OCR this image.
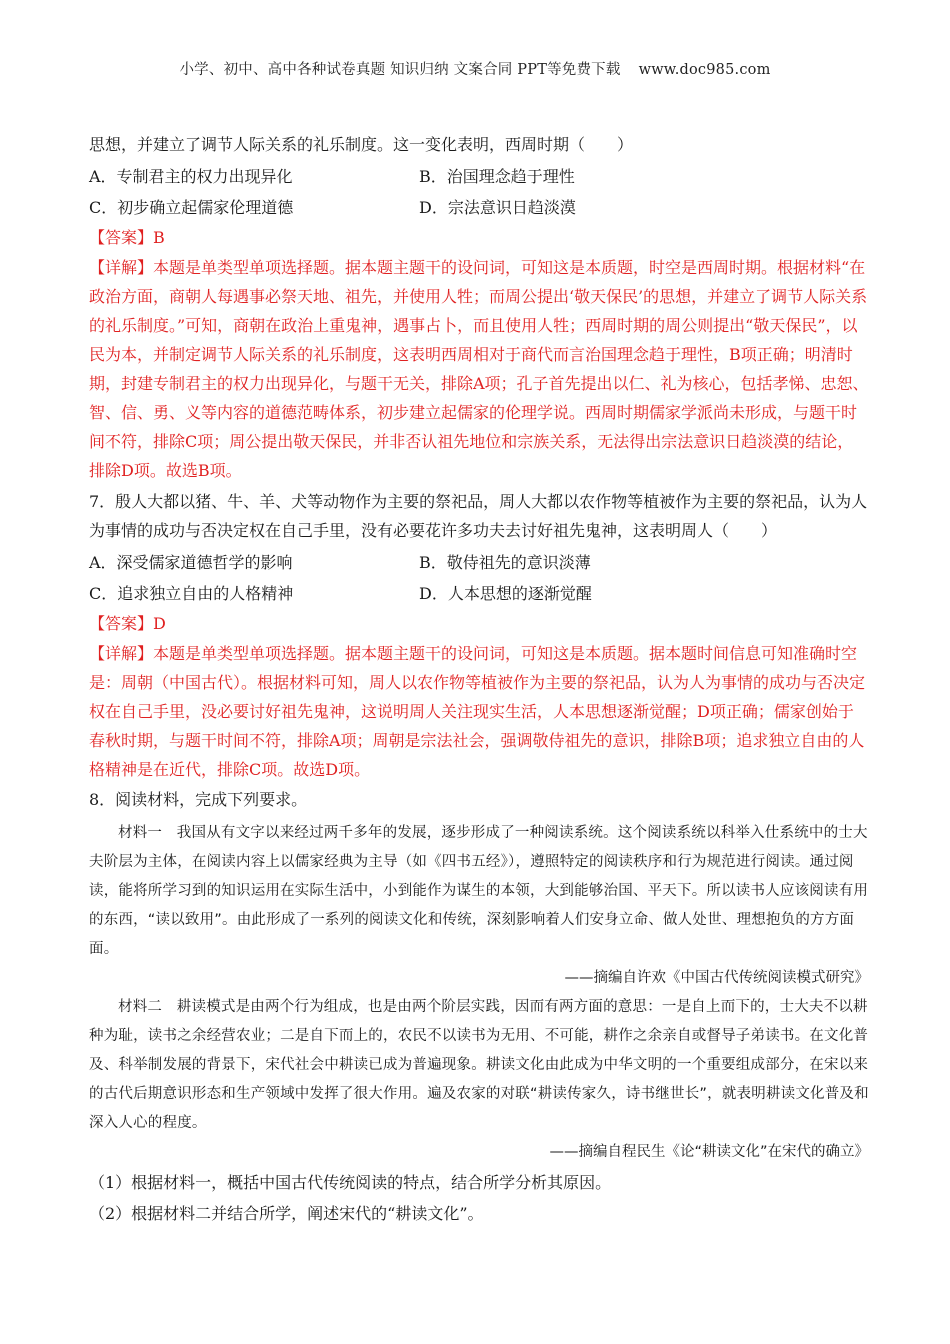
小学、初中、高中各种试卷真题 知识归纳 文案合同 PPT等免费下载 www.doc985.com

思想，并建立了调节人际关系的礼乐制度。这一变化表明，西周时期（　　）

A．专制君主的权力出现异化	B．治国理念趋于理性
C．初步确立起儒家伦理道德	D．宗法意识日趋淡漠
【答案】B

【详解】本题是单类型单项选择题。据本题主题干的设问词，可知这是本质题，时空是西周时期。根据材料“在政治方面，商朝人每遇事必祭天地、祖先，并使用人牲；而周公提出‘敬天保民’的思想，并建立了调节人际关系的礼乐制度。”可知，商朝在政治上重鬼神，遇事占卜，而且使用人牲；西周时期的周公则提出“敬天保民”，以民为本，并制定调节人际关系的礼乐制度，这表明西周相对于商代而言治国理念趋于理性，B项正确；明清时期，封建专制君主的权力出现异化，与题干无关，排除A项；孔子首先提出以仁、礼为核心，包括孝悌、忠恕、智、信、勇、义等内容的道德范畴体系，初步建立起儒家的伦理学说。西周时期儒家学派尚未形成，与题干时间不符，排除C项；周公提出敬天保民，并非否认祖先地位和宗族关系，无法得出宗法意识日趋淡漠的结论，排除D项。故选B项。

7．殷人大都以猪、牛、羊、犬等动物作为主要的祭祀品，周人大都以农作物等植被作为主要的祭祀品，认为人为事情的成功与否决定权在自己手里，没有必要花许多功夫去讨好祖先鬼神，这表明周人（　　）

A．深受儒家道德哲学的影响	B．敬侍祖先的意识淡薄
C．追求独立自由的人格精神	D．人本思想的逐渐觉醒
【答案】D

【详解】本题是单类型单项选择题。据本题主题干的设问词，可知这是本质题。据本题时间信息可知准确时空是：周朝（中国古代）。根据材料可知，周人以农作物等植被作为主要的祭祀品，认为人为事情的成功与否决定权在自己手里，没必要讨好祖先鬼神，这说明周人关注现实生活，人本思想逐渐觉醒；D项正确；儒家创始于春秋时期，与题干时间不符，排除A项；周朝是宗法社会，强调敬侍祖先的意识，排除B项；追求独立自由的人格精神是在近代，排除C项。故选D项。

8．阅读材料，完成下列要求。

材料一　我国从有文字以来经过两千多年的发展，逐步形成了一种阅读系统。这个阅读系统以科举入仕系统中的士大夫阶层为主体，在阅读内容上以儒家经典为主导（如《四书五经》），遵照特定的阅读秩序和行为规范进行阅读。通过阅读，能将所学习到的知识运用在实际生活中，小到能作为谋生的本领，大到能够治国、平天下。所以读书人应该阅读有用的东西，“读以致用”。由此形成了一系列的阅读文化和传统，深刻影响着人们安身立命、做人处世、理想抱负的方方面面。

——摘编自许欢《中国古代传统阅读模式研究》

材料二　耕读模式是由两个行为组成，也是由两个阶层实践，因而有两方面的意思：一是自上而下的，士大夫不以耕种为耻，读书之余经营农业；二是自下而上的，农民不以读书为无用、不可能，耕作之余亲自或督导子弟读书。在文化普及、科举制发展的背景下，宋代社会中耕读已成为普遍现象。耕读文化由此成为中华文明的一个重要组成部分，在宋以来的古代后期意识形态和生产领域中发挥了很大作用。遍及农家的对联“耕读传家久，诗书继世长”，就表明耕读文化普及和深入人心的程度。

——摘编自程民生《论“耕读文化”在宋代的确立》

（1）根据材料一，概括中国古代传统阅读的特点，结合所学分析其原因。

（2）根据材料二并结合所学，阐述宋代的“耕读文化”。
